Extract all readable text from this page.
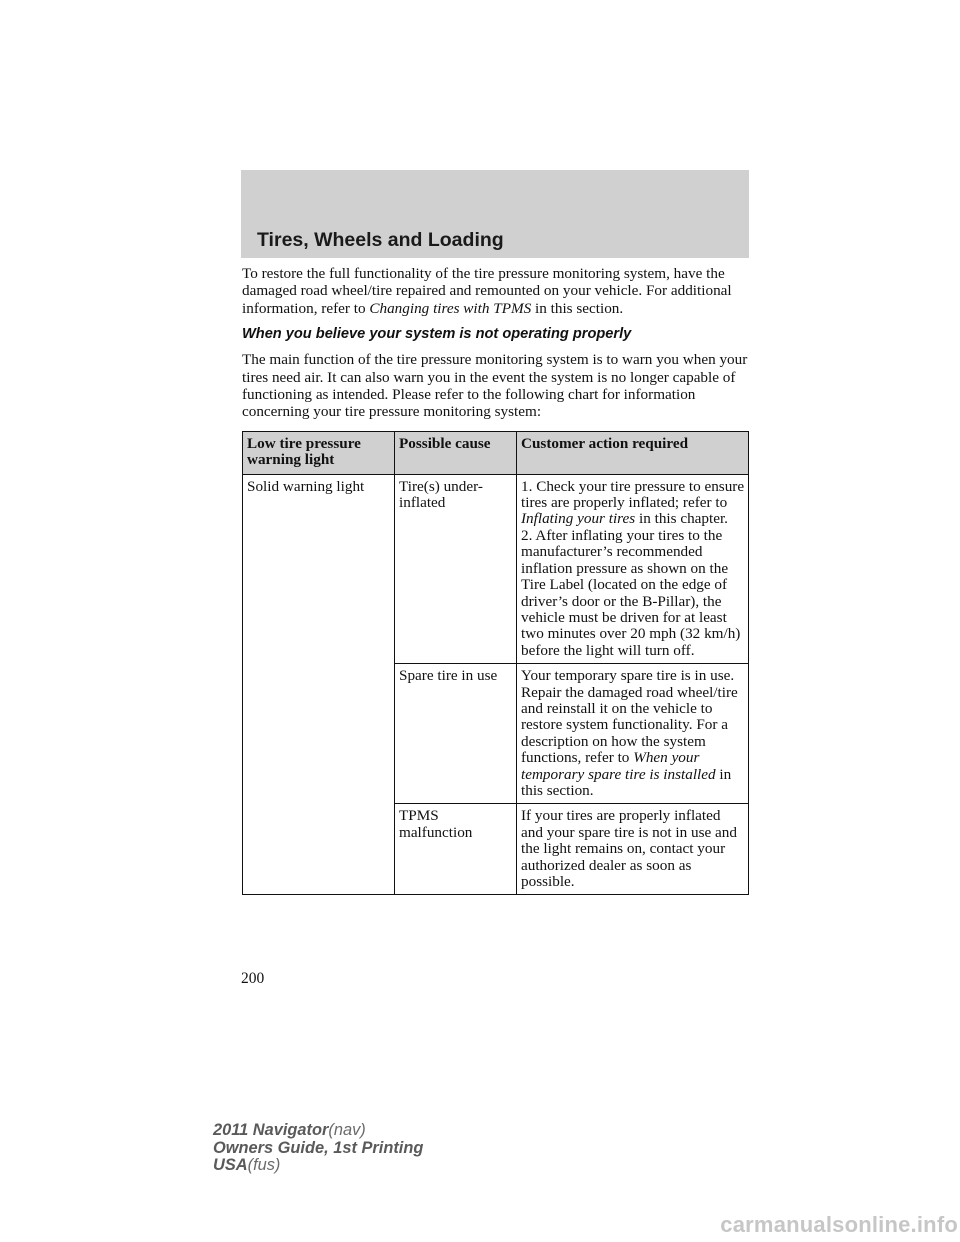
Tires, Wheels and Loading

To restore the full functionality of the tire pressure monitoring system, have the damaged road wheel/tire repaired and remounted on your vehicle. For additional information, refer to Changing tires with TPMS in this section.

When you believe your system is not operating properly

The main function of the tire pressure monitoring system is to warn you when your tires need air. It can also warn you in the event the system is no longer capable of functioning as intended. Please refer to the following chart for information concerning your tire pressure monitoring system:

Low tire pressure warning light	Possible cause	Customer action required
Solid warning light	Tire(s) under-inflated	1. Check your tire pressure to ensure tires are properly inflated; refer to Inflating your tires in this chapter.
2. After inflating your tires to the manufacturer’s recommended inflation pressure as shown on the Tire Label (located on the edge of driver’s door or the B-Pillar), the vehicle must be driven for at least two minutes over 20 mph (32 km/h) before the light will turn off.

	Spare tire in use	Your temporary spare tire is in use. Repair the damaged road wheel/tire and reinstall it on the vehicle to restore system functionality. For a description on how the system functions, refer to When your temporary spare tire is installed in this section.
	TPMS malfunction	If your tires are properly inflated and your spare tire is not in use and the light remains on, contact your authorized dealer as soon as possible.
200
2011 Navigator(nav)
Owners Guide, 1st Printing
USA(fus)
carmanualsonline.info
